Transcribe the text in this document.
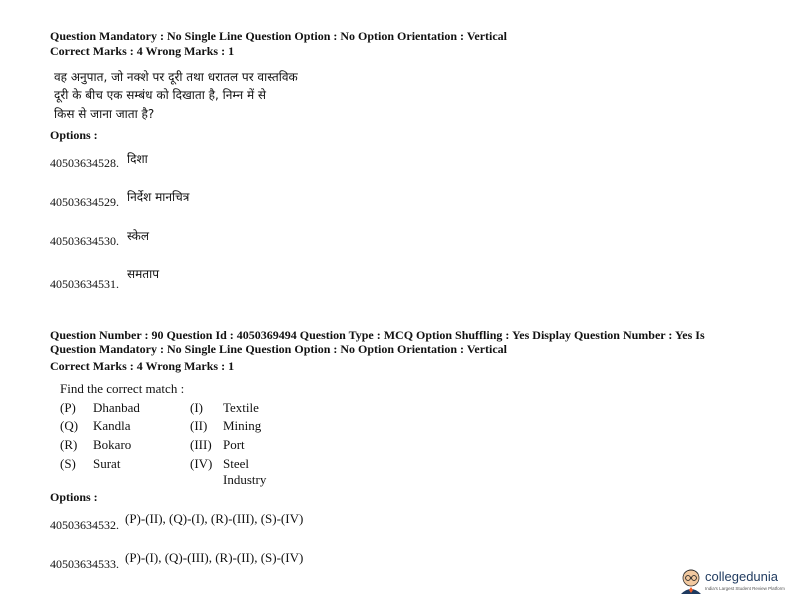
Question Mandatory : No Single Line Question Option : No Option Orientation : Vertical
Correct Marks : 4 Wrong Marks : 1
वह अनुपात, जो नक्शे पर दूरी तथा धरातल पर वास्तविक
दूरी के बीच एक सम्बंध को दिखाता है, निम्न में से
किस से जाना जाता है?
Options :
40503634528. दिशा
40503634529. निर्देश मानचित्र
40503634530. स्केल
समताप
40503634531.
Question Number : 90 Question Id : 4050369494 Question Type : MCQ Option Shuffling : Yes Display Question Number : Yes Is
Question Mandatory : No Single Line Question Option : No Option Orientation : Vertical
Correct Marks : 4 Wrong Marks : 1
Find the correct match :
(P) Dhanbad
(Q) Kandla
(R) Bokaro
(S) Surat
(I) Textile
(II) Mining
(III) Port
(IV) Steel
Industry
Options :
40503634532. (P)-(II), (Q)-(I), (R)-(III), (S)-(IV)
40503634533. (P)-(I), (Q)-(III), (R)-(II), (S)-(IV)
collegedunia
India's Largest Student Review Platform
